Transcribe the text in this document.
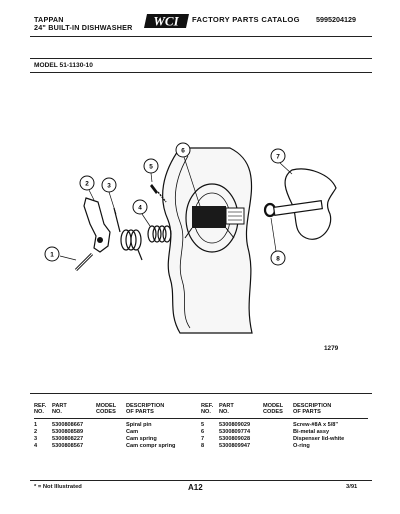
TAPPAN
24" BUILT-IN DISHWASHER WCI FACTORY PARTS CATALOG 5995204129
MODEL 51-1130-10
1
2	3
4
5
6
7
8
1279
REF.
NO.
PART
NO.
MODEL
CODES
DESCRIPTION
OF PARTS
1	5300808667	Spiral pin
2	5300808589	Cam
3	5300808227	Cam spring
4	5300808567	Cam compr spring
REF.
NO.
PART
NO.
MODEL
CODES
DESCRIPTION
OF PARTS
5	5300809029	Screw-#8A x 5/8"
6	5300809774	Bi-metal assy
7	5300809028	Dispenser lid-white
8	5300809947	O-ring
* = Not Illustrated	A12	3/91
